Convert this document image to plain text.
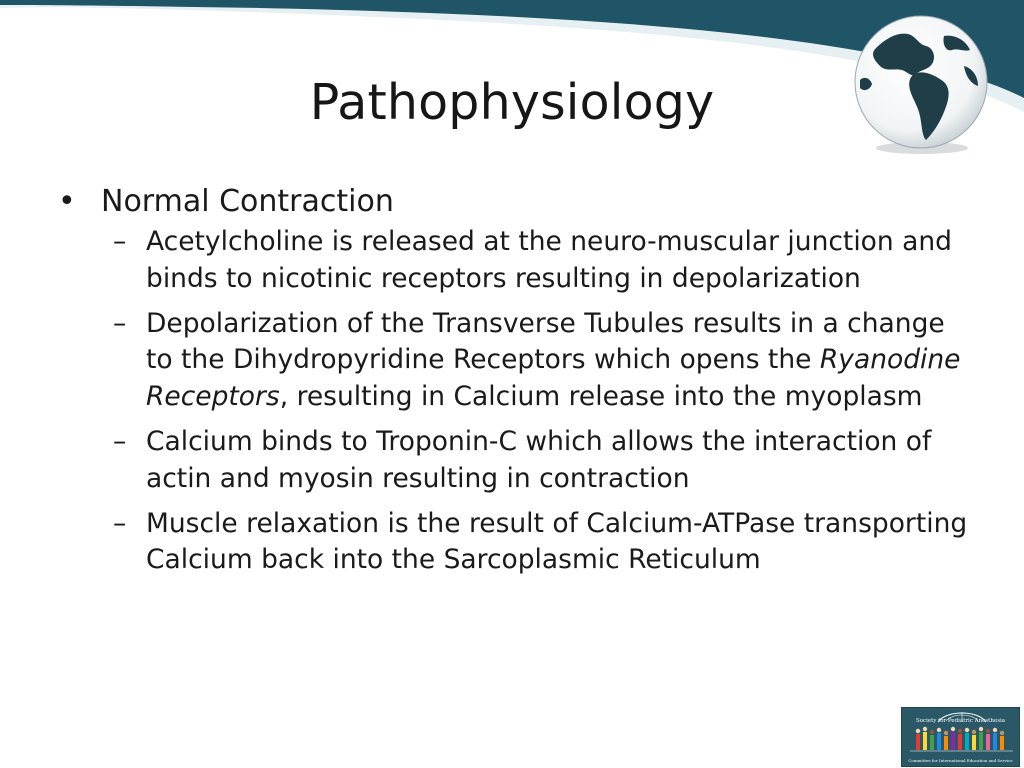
Pathophysiology
• Normal Contraction
– Acetylcholine is released at the neuro-muscular junction and binds to nicotinic receptors resulting in depolarization
– Depolarization of the Transverse Tubules results in a change to the Dihydropyridine Receptors which opens the Ryanodine Receptors, resulting in Calcium release into the myoplasm
– Calcium binds to Troponin-C which allows the interaction of actin and myosin resulting in contraction
– Muscle relaxation is the result of Calcium-ATPase transporting Calcium back into the Sarcoplasmic Reticulum
Society for Pediatric Anesthesia
Committee for International Education and Service
